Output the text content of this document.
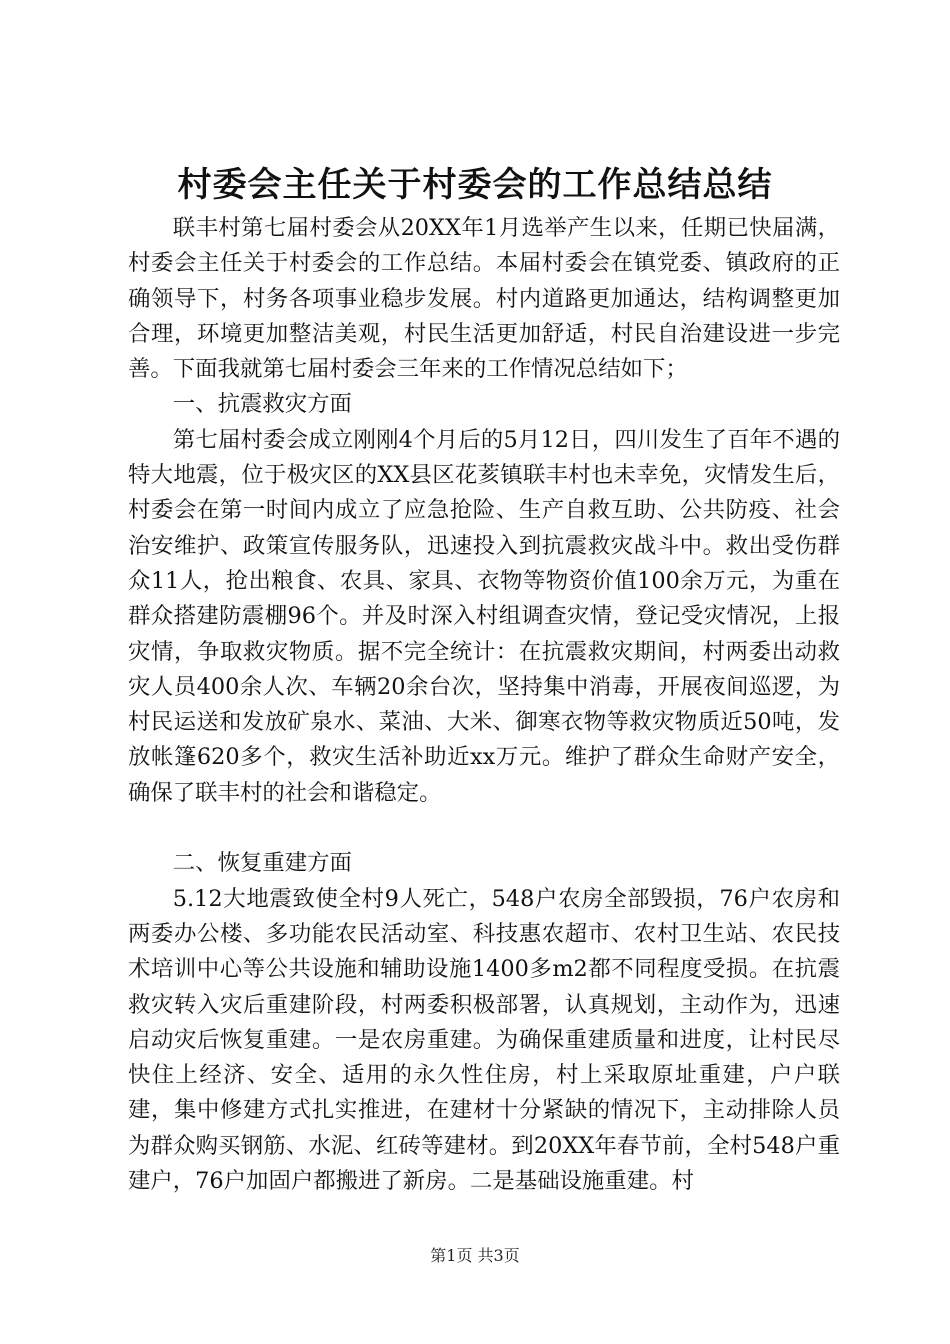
村委会主任关于村委会的工作总结总结

联丰村第七届村委会从20XX年1月选举产生以来，任期已快届满，村委会主任关于村委会的工作总结。本届村委会在镇党委、镇政府的正确领导下，村务各项事业稳步发展。村内道路更加通达，结构调整更加合理，环境更加整洁美观，村民生活更加舒适，村民自治建设进一步完善。下面我就第七届村委会三年来的工作情况总结如下；

一、抗震救灾方面

第七届村委会成立刚刚4个月后的5月12日，四川发生了百年不遇的特大地震，位于极灾区的XX县区花荄镇联丰村也未幸免，灾情发生后，村委会在第一时间内成立了应急抢险、生产自救互助、公共防疫、社会治安维护、政策宣传服务队，迅速投入到抗震救灾战斗中。救出受伤群众11人，抢出粮食、农具、家具、衣物等物资价值100余万元，为重在群众搭建防震棚96个。并及时深入村组调查灾情，登记受灾情况，上报灾情，争取救灾物质。据不完全统计：在抗震救灾期间，村两委出动救灾人员400余人次、车辆20余台次，坚持集中消毒，开展夜间巡逻，为村民运送和发放矿泉水、菜油、大米、御寒衣物等救灾物质近50吨，发放帐篷620多个，救灾生活补助近xx万元。维护了群众生命财产安全，确保了联丰村的社会和谐稳定。

二、恢复重建方面

5.12大地震致使全村9人死亡，548户农房全部毁损，76户农房和两委办公楼、多功能农民活动室、科技惠农超市、农村卫生站、农民技术培训中心等公共设施和辅助设施1400多m2都不同程度受损。在抗震救灾转入灾后重建阶段，村两委积极部署，认真规划，主动作为，迅速启动灾后恢复重建。一是农房重建。为确保重建质量和进度，让村民尽快住上经济、安全、适用的永久性住房，村上采取原址重建，户户联建，集中修建方式扎实推进，在建材十分紧缺的情况下，主动排除人员为群众购买钢筋、水泥、红砖等建材。到20XX年春节前，全村548户重建户，76户加固户都搬进了新房。二是基础设施重建。村

第1页 共3页
